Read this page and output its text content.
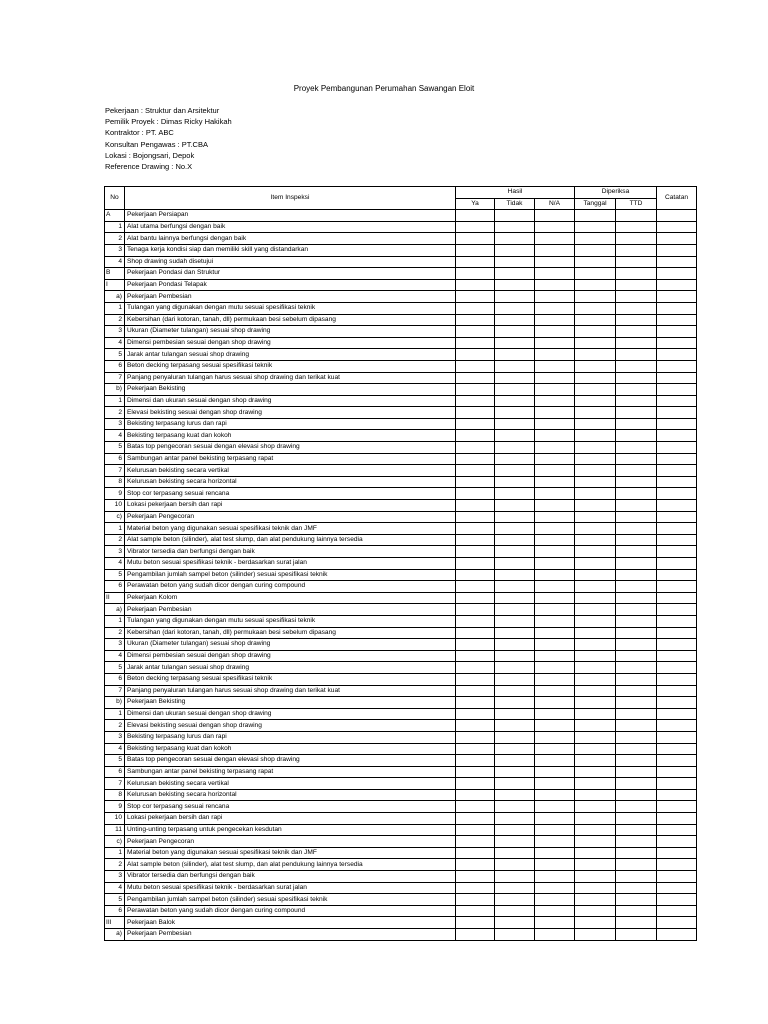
Proyek Pembangunan Perumahan Sawangan Eloit
Pekerjaan : Struktur dan Arsitektur
Pemilik Proyek : Dimas Ricky Hakikah
Kontraktor : PT. ABC
Konsultan Pengawas : PT.CBA
Lokasi : Bojongsari, Depok
Reference Drawing : No.X
No	Item Inspeksi	Hasil			Diperiksa		Catatan
		Ya	Tidak	N/A	Tanggal	TTD	
A	Pekerjaan Persiapan						
1	Alat utama berfungsi dengan baik						
2	Alat bantu lainnya berfungsi dengan baik						
3	Tenaga kerja kondisi siap dan memiliki skill yang distandarkan						
4	Shop drawing sudah disetujui						
B	Pekerjaan Pondasi dan Struktur						
I	Pekerjaan Pondasi Telapak						
a)	Pekerjaan Pembesian						
1	Tulangan yang digunakan dengan mutu sesuai spesifikasi teknik						
2	Kebersihan (dari kotoran, tanah, dll) permukaan besi sebelum dipasang						
3	Ukuran (Diameter tulangan) sesuai shop drawing						
4	Dimensi pembesian sesuai dengan shop drawing						
5	Jarak antar tulangan sesuai shop drawing						
6	Beton decking terpasang sesuai spesifikasi teknik						
7	Panjang penyaluran tulangan harus sesuai shop drawing dan terikat kuat						
b)	Pekerjaan Bekisting						
1	Dimensi dan ukuran sesuai dengan shop drawing						
2	Elevasi bekisting sesuai dengan shop drawing						
3	Bekisting terpasang lurus dan rapi						
4	Bekisting terpasang kuat dan kokoh						
5	Batas top pengecoran sesuai dengan elevasi shop drawing						
6	Sambungan antar panel bekisting terpasang rapat						
7	Kelurusan bekisting secara vertikal						
8	Kelurusan bekisting secara horizontal						
9	Stop cor terpasang sesuai rencana						
10	Lokasi pekerjaan bersih dan rapi						
c)	Pekerjaan Pengecoran						
1	Material beton yang digunakan sesuai spesifikasi teknik dan JMF						
2	Alat sample beton (silinder), alat test slump, dan alat pendukung lainnya tersedia						
3	Vibrator tersedia dan berfungsi dengan baik						
4	Mutu beton sesuai spesifikasi teknik - berdasarkan surat jalan						
5	Pengambilan jumlah sampel beton (silinder) sesuai spesifikasi teknik						
6	Perawatan beton yang sudah dicor dengan curing compound						
II	Pekerjaan Kolom						
a)	Pekerjaan Pembesian						
1	Tulangan yang digunakan dengan mutu sesuai spesifikasi teknik						
2	Kebersihan (dari kotoran, tanah, dll) permukaan besi sebelum dipasang						
3	Ukuran (Diameter tulangan) sesuai shop drawing						
4	Dimensi pembesian sesuai dengan shop drawing						
5	Jarak antar tulangan sesuai shop drawing						
6	Beton decking terpasang sesuai spesifikasi teknik						
7	Panjang penyaluran tulangan harus sesuai shop drawing dan terikat kuat						
b)	Pekerjaan Bekisting						
1	Dimensi dan ukuran sesuai dengan shop drawing						
2	Elevasi bekisting sesuai dengan shop drawing						
3	Bekisting terpasang lurus dan rapi						
4	Bekisting terpasang kuat dan kokoh						
5	Batas top pengecoran sesuai dengan elevasi shop drawing						
6	Sambungan antar panel bekisting terpasang rapat						
7	Kelurusan bekisting secara vertikal						
8	Kelurusan bekisting secara horizontal						
9	Stop cor terpasang sesuai rencana						
10	Lokasi pekerjaan bersih dan rapi						
11	Unting-unting terpasang untuk pengecekan kesdutan						
c)	Pekerjaan Pengecoran						
1	Material beton yang digunakan sesuai spesifikasi teknik dan JMF						
2	Alat sample beton (silinder), alat test slump, dan alat pendukung lainnya tersedia						
3	Vibrator tersedia dan berfungsi dengan baik						
4	Mutu beton sesuai spesifikasi teknik - berdasarkan surat jalan						
5	Pengambilan jumlah sampel beton (silinder) sesuai spesifikasi teknik						
6	Perawatan beton yang sudah dicor dengan curing compound						
III	Pekerjaan Balok						
a)	Pekerjaan Pembesian						
